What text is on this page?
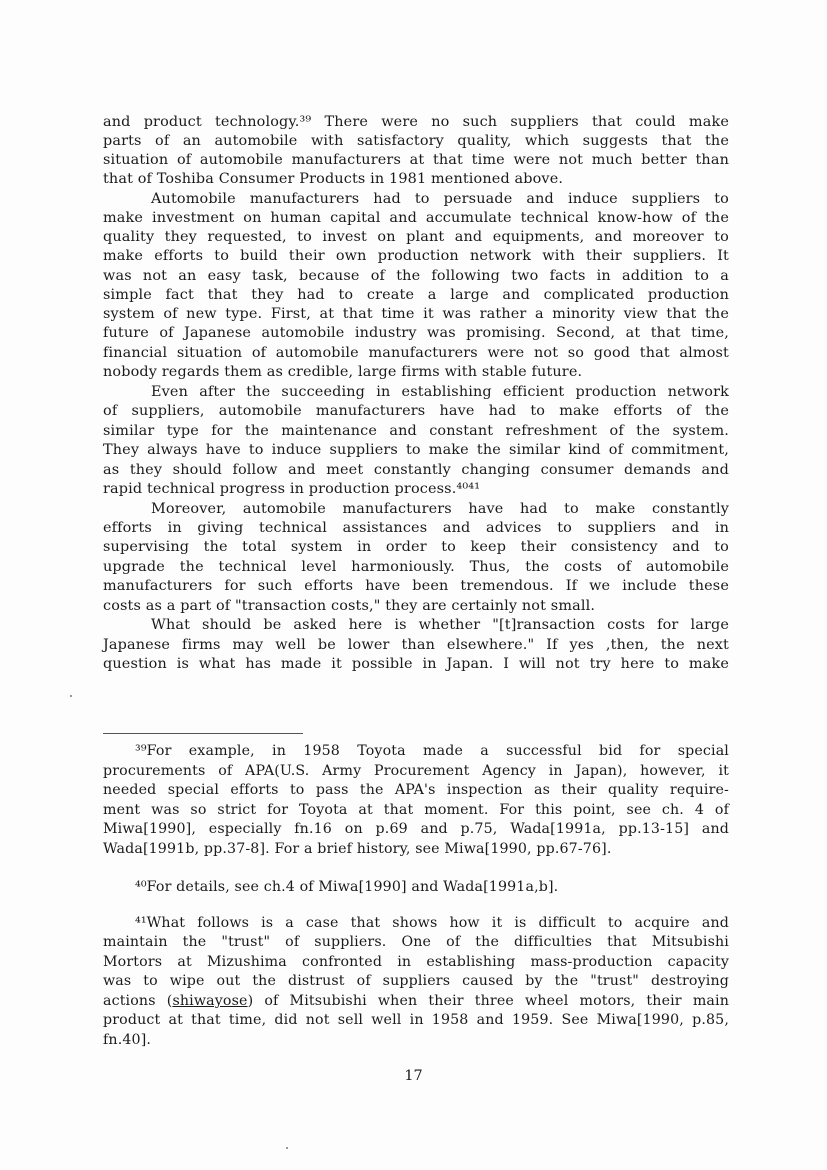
and product technology.³⁹ There were no such suppliers that could make
parts of an automobile with satisfactory quality, which suggests that the
situation of automobile manufacturers at that time were not much better than
that of Toshiba Consumer Products in 1981 mentioned above.
Automobile manufacturers had to persuade and induce suppliers to
make investment on human capital and accumulate technical know-how of the
quality they requested, to invest on plant and equipments, and moreover to
make efforts to build their own production network with their suppliers. It
was not an easy task, because of the following two facts in addition to a
simple fact that they had to create a large and complicated production
system of new type. First, at that time it was rather a minority view that the
future of Japanese automobile industry was promising. Second, at that time,
financial situation of automobile manufacturers were not so good that almost
nobody regards them as credible, large firms with stable future.
Even after the succeeding in establishing efficient production network
of suppliers, automobile manufacturers have had to make efforts of the
similar type for the maintenance and constant refreshment of the system.
They always have to induce suppliers to make the similar kind of commitment,
as they should follow and meet constantly changing consumer demands and
rapid technical progress in production process.⁴⁰⁴¹
Moreover, automobile manufacturers have had to make constantly
efforts in giving technical assistances and advices to suppliers and in
supervising the total system in order to keep their consistency and to
upgrade the technical level harmoniously. Thus, the costs of automobile
manufacturers for such efforts have been tremendous. If we include these
costs as a part of "transaction costs," they are certainly not small.
What should be asked here is whether "[t]ransaction costs for large
Japanese firms may well be lower than elsewhere." If yes ,then, the next
question is what has made it possible in Japan. I will not try here to make
³⁹For example, in 1958 Toyota made a successful bid for special
procurements of APA(U.S. Army Procurement Agency in Japan), however, it
needed special efforts to pass the APA's inspection as their quality require-
ment was so strict for Toyota at that moment. For this point, see ch. 4 of
Miwa[1990], especially fn.16 on p.69 and p.75, Wada[1991a, pp.13-15] and
Wada[1991b, pp.37-8]. For a brief history, see Miwa[1990, pp.67-76].
⁴⁰For details, see ch.4 of Miwa[1990] and Wada[1991a,b].
⁴¹What follows is a case that shows how it is difficult to acquire and
maintain the "trust" of suppliers. One of the difficulties that Mitsubishi
Mortors at Mizushima confronted in establishing mass-production capacity
was to wipe out the distrust of suppliers caused by the "trust" destroying
actions (shiwayose) of Mitsubishi when their three wheel motors, their main
product at that time, did not sell well in 1958 and 1959. See Miwa[1990, p.85,
fn.40].
17
